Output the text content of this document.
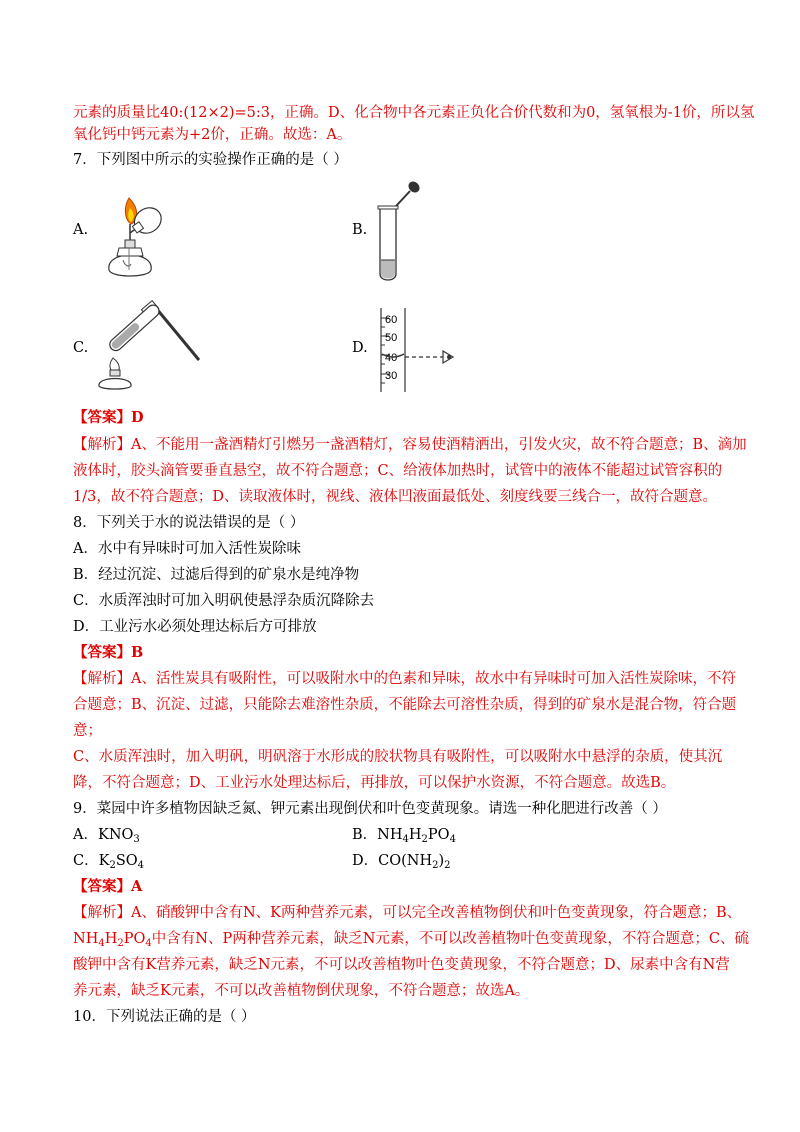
元素的质量比40:(12×2)=5:3，正确。D、化合物中各元素正负化合价代数和为0，氢氧根为-1价，所以氢
氧化钙中钙元素为+2价，正确。故选：A。
7．下列图中所示的实验操作正确的是（ ）
A.	B.
C.	D.
60
50
40
30
【答案】D
【解析】A、不能用一盏酒精灯引燃另一盏酒精灯，容易使酒精洒出，引发火灾，故不符合题意；B、滴加
液体时，胶头滴管要垂直悬空，故不符合题意；C、给液体加热时，试管中的液体不能超过试管容积的
1/3，故不符合题意；D、读取液体时，视线、液体凹液面最低处、刻度线要三线合一，故符合题意。
8．下列关于水的说法错误的是（ ）
A．水中有异味时可加入活性炭除味
B．经过沉淀、过滤后得到的矿泉水是纯净物
C．水质浑浊时可加入明矾使悬浮杂质沉降除去
D．工业污水必须处理达标后方可排放
【答案】B
【解析】A、活性炭具有吸附性，可以吸附水中的色素和异味，故水中有异味时可加入活性炭除味，不符
合题意；B、沉淀、过滤，只能除去难溶性杂质，不能除去可溶性杂质，得到的矿泉水是混合物，符合题
意；
C、水质浑浊时，加入明矾，明矾溶于水形成的胶状物具有吸附性，可以吸附水中悬浮的杂质，使其沉
降，不符合题意；D、工业污水处理达标后，再排放，可以保护水资源，不符合题意。故选B。
9．菜园中许多植物因缺乏氮、钾元素出现倒伏和叶色变黄现象。请选一种化肥进行改善（ ）
A．$KNO_3$	B．$NH_4H_2PO_4$
C．$K_2SO_4$	D．$CO(NH_2)_2$
【答案】A
【解析】A、硝酸钾中含有N、K两种营养元素，可以完全改善植物倒伏和叶色变黄现象，符合题意；B、
$NH_4H_2PO_4$中含有N、P两种营养元素，缺乏N元素，不可以改善植物叶色变黄现象，不符合题意；C、硫
酸钾中含有K营养元素，缺乏N元素，不可以改善植物叶色变黄现象，不符合题意；D、尿素中含有N营
养元素，缺乏K元素，不可以改善植物倒伏现象，不符合题意；故选A。
10．下列说法正确的是（ ）
